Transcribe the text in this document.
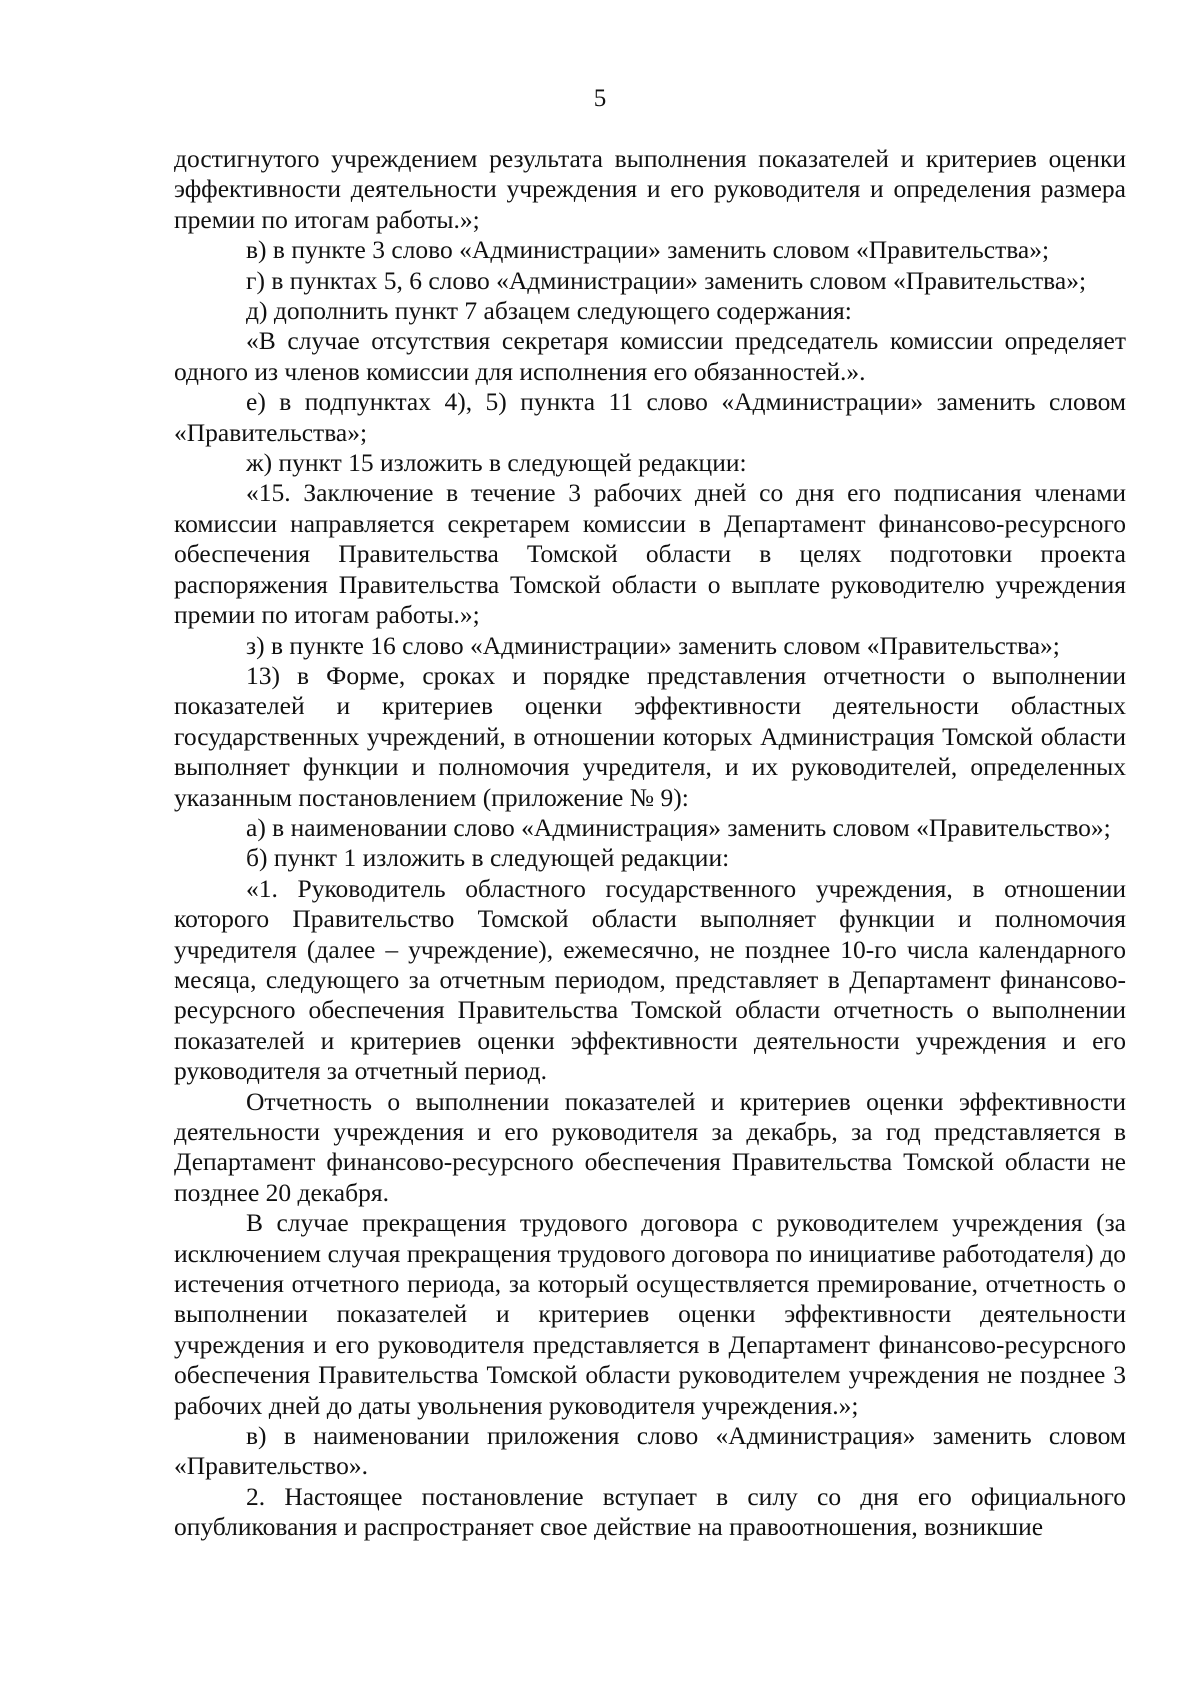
5

достигнутого учреждением результата выполнения показателей и критериев оценки эффективности деятельности учреждения и его руководителя и определения размера премии по итогам работы.»;

в) в пункте 3 слово «Администрации» заменить словом «Правительства»;

г) в пунктах 5, 6 слово «Администрации» заменить словом «Правительства»;

д) дополнить пункт 7 абзацем следующего содержания:

«В случае отсутствия секретаря комиссии председатель комиссии определяет одного из членов комиссии для исполнения его обязанностей.».

е) в подпунктах 4), 5) пункта 11 слово «Администрации» заменить словом «Правительства»;

ж) пункт 15 изложить в следующей редакции:

«15. Заключение в течение 3 рабочих дней со дня его подписания членами комиссии направляется секретарем комиссии в Департамент финансово-ресурсного обеспечения Правительства Томской области в целях подготовки проекта распоряжения Правительства Томской области о выплате руководителю учреждения премии по итогам работы.»;

з) в пункте 16 слово «Администрации» заменить словом «Правительства»;

13) в Форме, сроках и порядке представления отчетности о выполнении показателей и критериев оценки эффективности деятельности областных государственных учреждений, в отношении которых Администрация Томской области выполняет функции и полномочия учредителя, и их руководителей, определенных указанным постановлением (приложение № 9):

а) в наименовании слово «Администрация» заменить словом «Правительство»;

б) пункт 1 изложить в следующей редакции:

«1. Руководитель областного государственного учреждения, в отношении которого Правительство Томской области выполняет функции и полномочия учредителя (далее – учреждение), ежемесячно, не позднее 10-го числа календарного месяца, следующего за отчетным периодом, представляет в Департамент финансово-ресурсного обеспечения Правительства Томской области отчетность о выполнении показателей и критериев оценки эффективности деятельности учреждения и его руководителя за отчетный период.

Отчетность о выполнении показателей и критериев оценки эффективности деятельности учреждения и его руководителя за декабрь, за год представляется в Департамент финансово-ресурсного обеспечения Правительства Томской области не позднее 20 декабря.

В случае прекращения трудового договора с руководителем учреждения (за исключением случая прекращения трудового договора по инициативе работодателя) до истечения отчетного периода, за который осуществляется премирование, отчетность о выполнении показателей и критериев оценки эффективности деятельности учреждения и его руководителя представляется в Департамент финансово-ресурсного обеспечения Правительства Томской области руководителем учреждения не позднее 3 рабочих дней до даты увольнения руководителя учреждения.»;

в) в наименовании приложения слово «Администрация» заменить словом «Правительство».

2. Настоящее постановление вступает в силу со дня его официального опубликования и распространяет свое действие на правоотношения, возникшие
